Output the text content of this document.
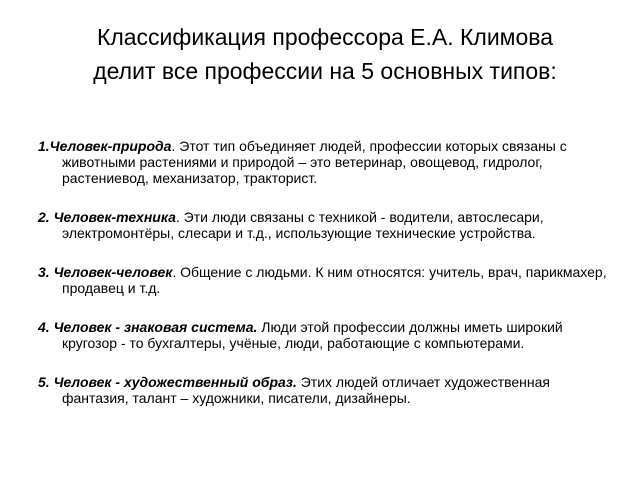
Классификация профессора Е.А. Климова
делит все профессии на 5 основных типов:
1.Человек-природа. Этот тип объединяет людей, профессии которых связаны с животными растениями и природой – это ветеринар, овощевод, гидролог, растениевод, механизатор, тракторист.
2. Человек-техника. Эти люди связаны с техникой - водители, автослесари, электромонтёры, слесари и т.д., использующие технические устройства.
3. Человек-человек. Общение с людьми. К ним относятся: учитель, врач, парикмахер, продавец и т.д.
4. Человек - знаковая система. Люди этой профессии должны иметь широкий кругозор - то бухгалтеры, учёные, люди, работающие с компьютерами.
5. Человек - художественный образ. Этих людей отличает художественная фантазия, талант – художники, писатели, дизайнеры.
